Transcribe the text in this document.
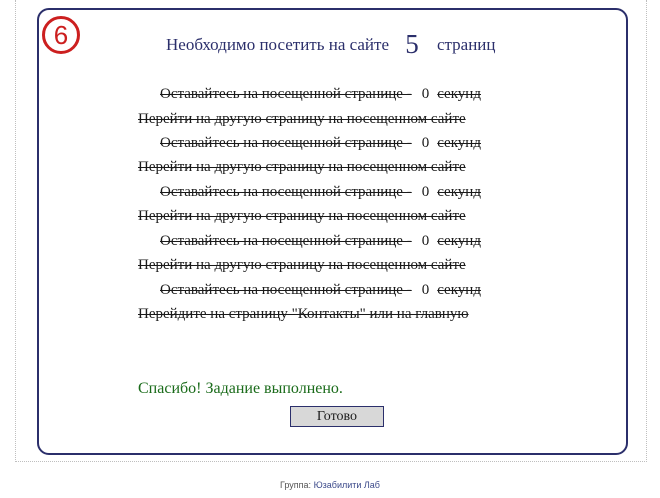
6	Необходимо посетить на сайте 5 страниц
Оставайтесь на посещенной странице - 0 секунд
Перейти на другую страницу на посещенном сайте
Оставайтесь на посещенной странице - 0 секунд
Перейти на другую страницу на посещенном сайте
Оставайтесь на посещенной странице - 0 секунд
Перейти на другую страницу на посещенном сайте
Оставайтесь на посещенной странице - 0 секунд
Перейти на другую страницу на посещенном сайте
Оставайтесь на посещенной странице - 0 секунд
Перейдите на страницу "Контакты" или на главную
Спасибо! Задание выполнено.
Готово
Группа: Юзабилити Лаб
